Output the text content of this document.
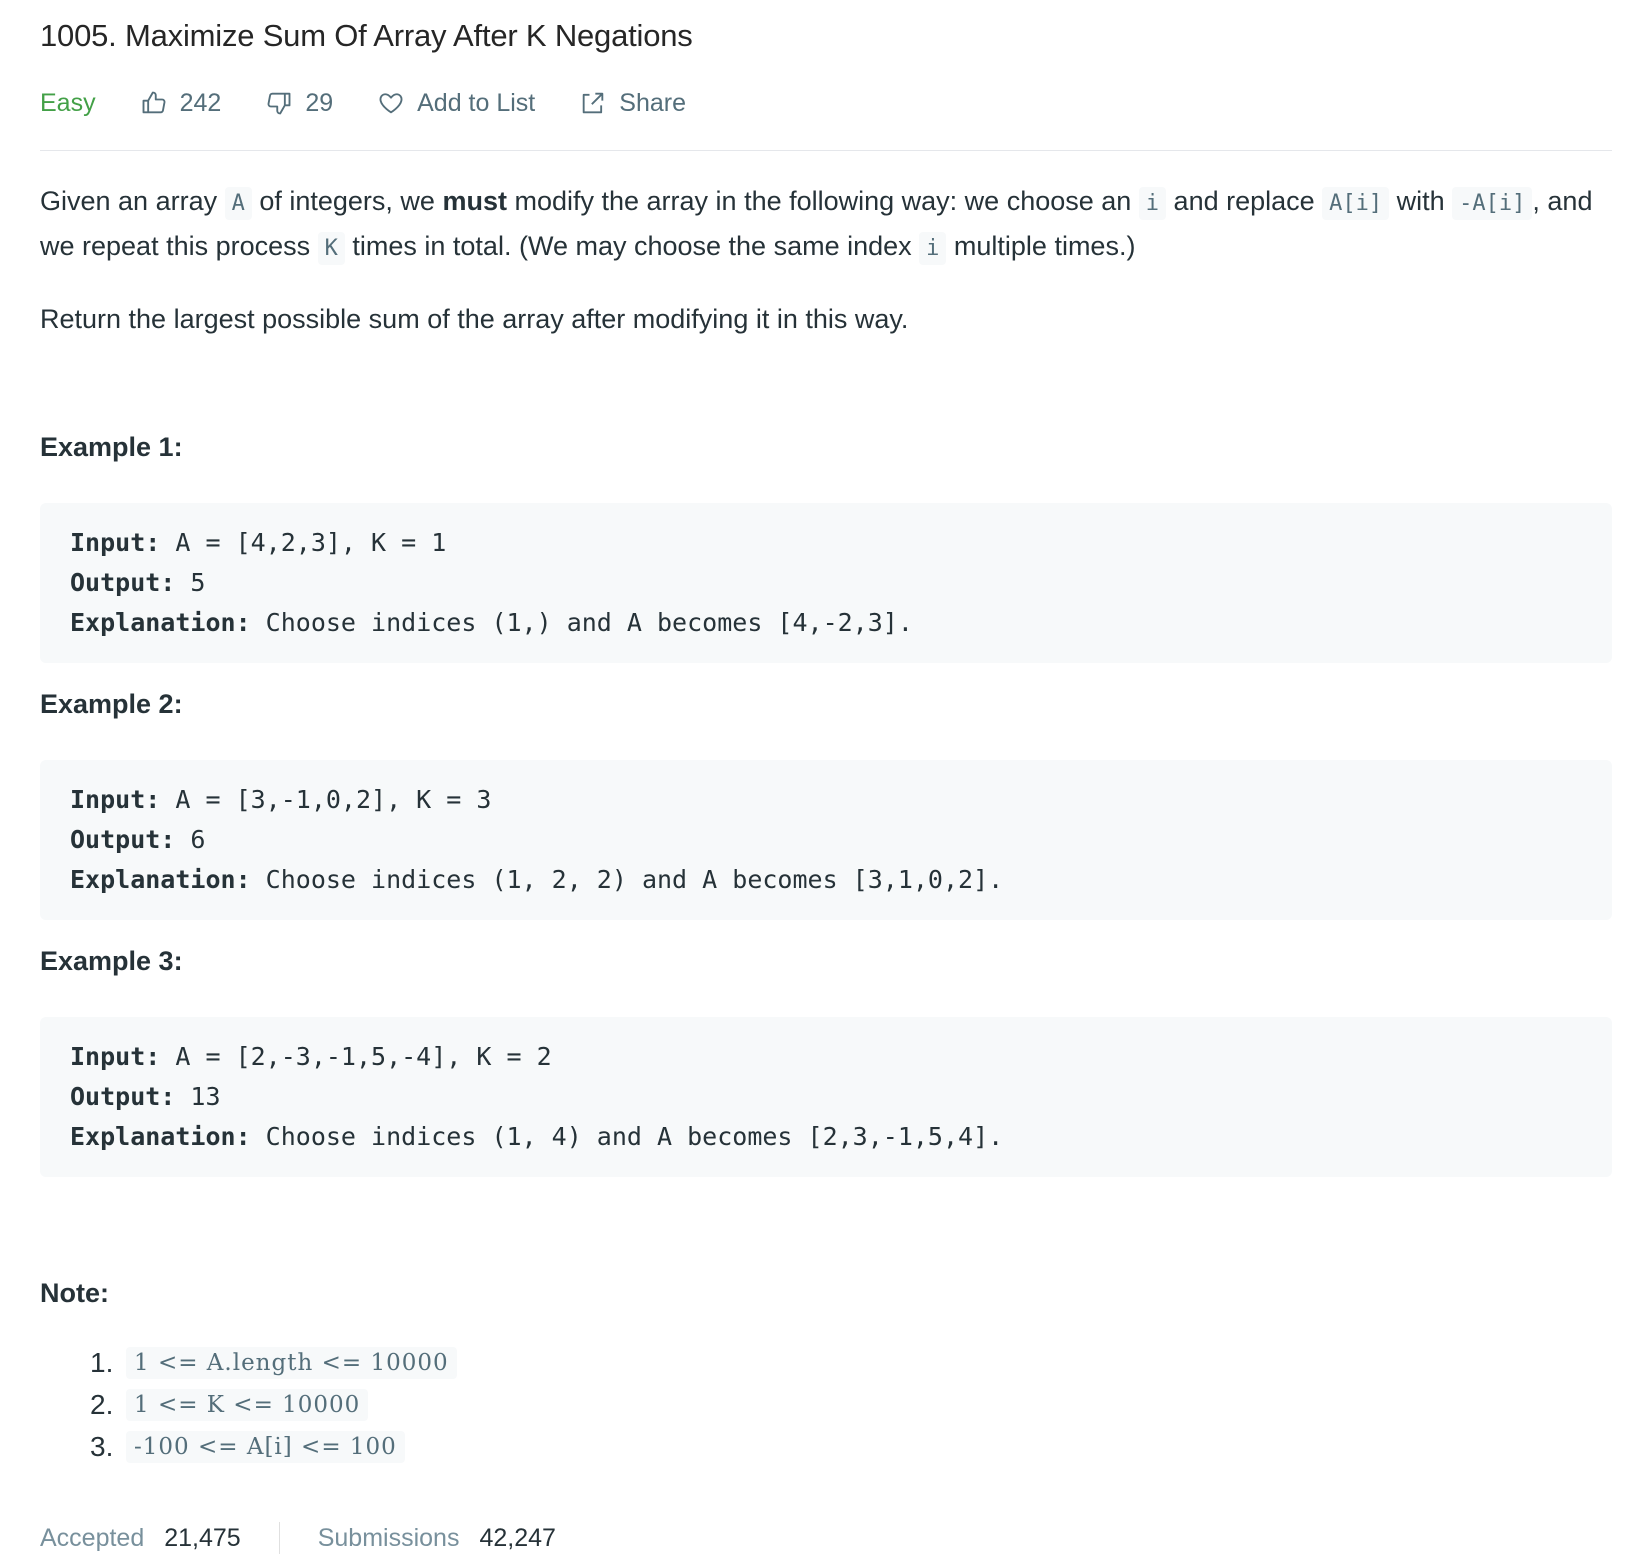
1005. Maximize Sum Of Array After K Negations
Easy	242	29	Add to List	Share

Given an array A of integers, we must modify the array in the following way: we choose an i and replace A[i] with -A[i] , and we repeat this process K times in total. (We may choose the same index i multiple times.)

Return the largest possible sum of the array after modifying it in this way.

Example 1:
Input: A = [4,2,3], K = 1
Output: 5
Explanation: Choose indices (1,) and A becomes [4,-2,3].
Example 2:
Input: A = [3,-1,0,2], K = 3
Output: 6
Explanation: Choose indices (1, 2, 2) and A becomes [3,1,0,2].
Example 3:
Input: A = [2,-3,-1,5,-4], K = 2
Output: 13
Explanation: Choose indices (1, 4) and A becomes [2,3,-1,5,4].
Note:
1. 1 <= A.length <= 10000
2. 1 <= K <= 10000
3. -100 <= A[i] <= 100
Accepted 21,475	Submissions 42,247
